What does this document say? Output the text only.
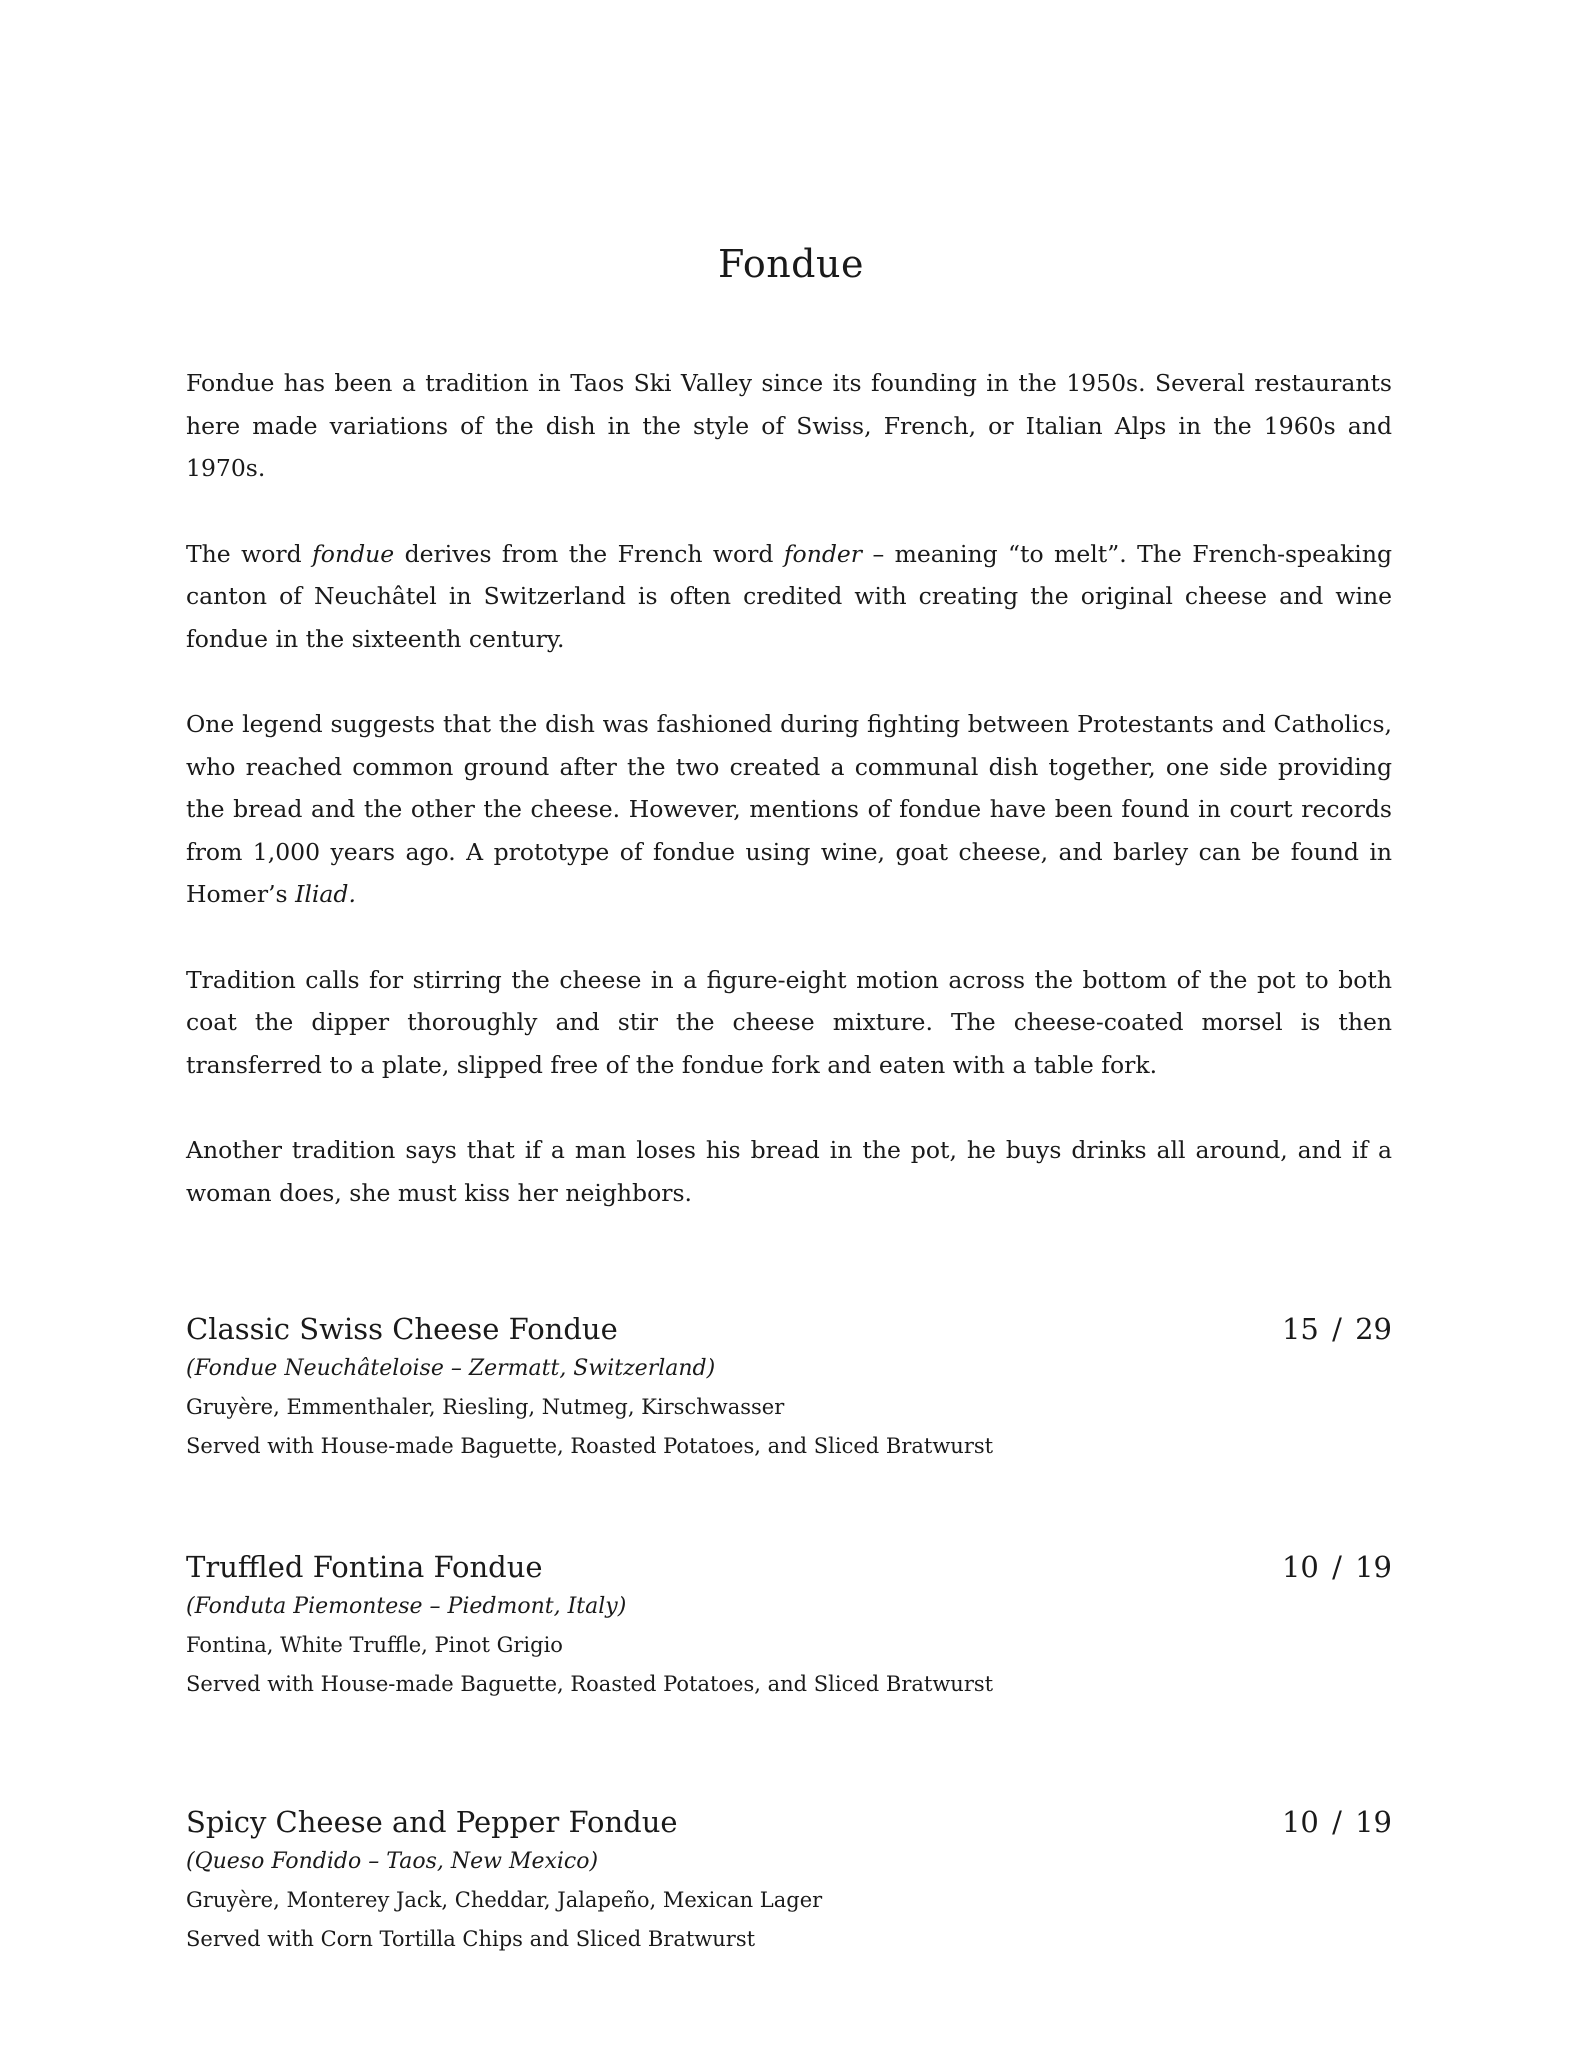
Fondue

Fondue has been a tradition in Taos Ski Valley since its founding in the 1950s. Several restaurants here made variations of the dish in the style of Swiss, French, or Italian Alps in the 1960s and 1970s.

The word fondue derives from the French word fonder – meaning “to melt”. The French-speaking canton of Neuchâtel in Switzerland is often credited with creating the original cheese and wine fondue in the sixteenth century.

One legend suggests that the dish was fashioned during fighting between Protestants and Catholics, who reached common ground after the two created a communal dish together, one side providing the bread and the other the cheese. However, mentions of fondue have been found in court records from 1,000 years ago. A prototype of fondue using wine, goat cheese, and barley can be found in Homer’s Iliad.

Tradition calls for stirring the cheese in a figure-eight motion across the bottom of the pot to both coat the dipper thoroughly and stir the cheese mixture. The cheese-coated morsel is then transferred to a plate, slipped free of the fondue fork and eaten with a table fork.

Another tradition says that if a man loses his bread in the pot, he buys drinks all around, and if a woman does, she must kiss her neighbors.

Classic Swiss Cheese Fondue	15 / 29
(Fondue Neuchâteloise – Zermatt, Switzerland)
Gruyère, Emmenthaler, Riesling, Nutmeg, Kirschwasser
Served with House-made Baguette, Roasted Potatoes, and Sliced Bratwurst
Truffled Fontina Fondue	10 / 19
(Fonduta Piemontese – Piedmont, Italy)
Fontina, White Truffle, Pinot Grigio
Served with House-made Baguette, Roasted Potatoes, and Sliced Bratwurst
Spicy Cheese and Pepper Fondue	10 / 19
(Queso Fondido – Taos, New Mexico)
Gruyère, Monterey Jack, Cheddar, Jalapeño, Mexican Lager
Served with Corn Tortilla Chips and Sliced Bratwurst
